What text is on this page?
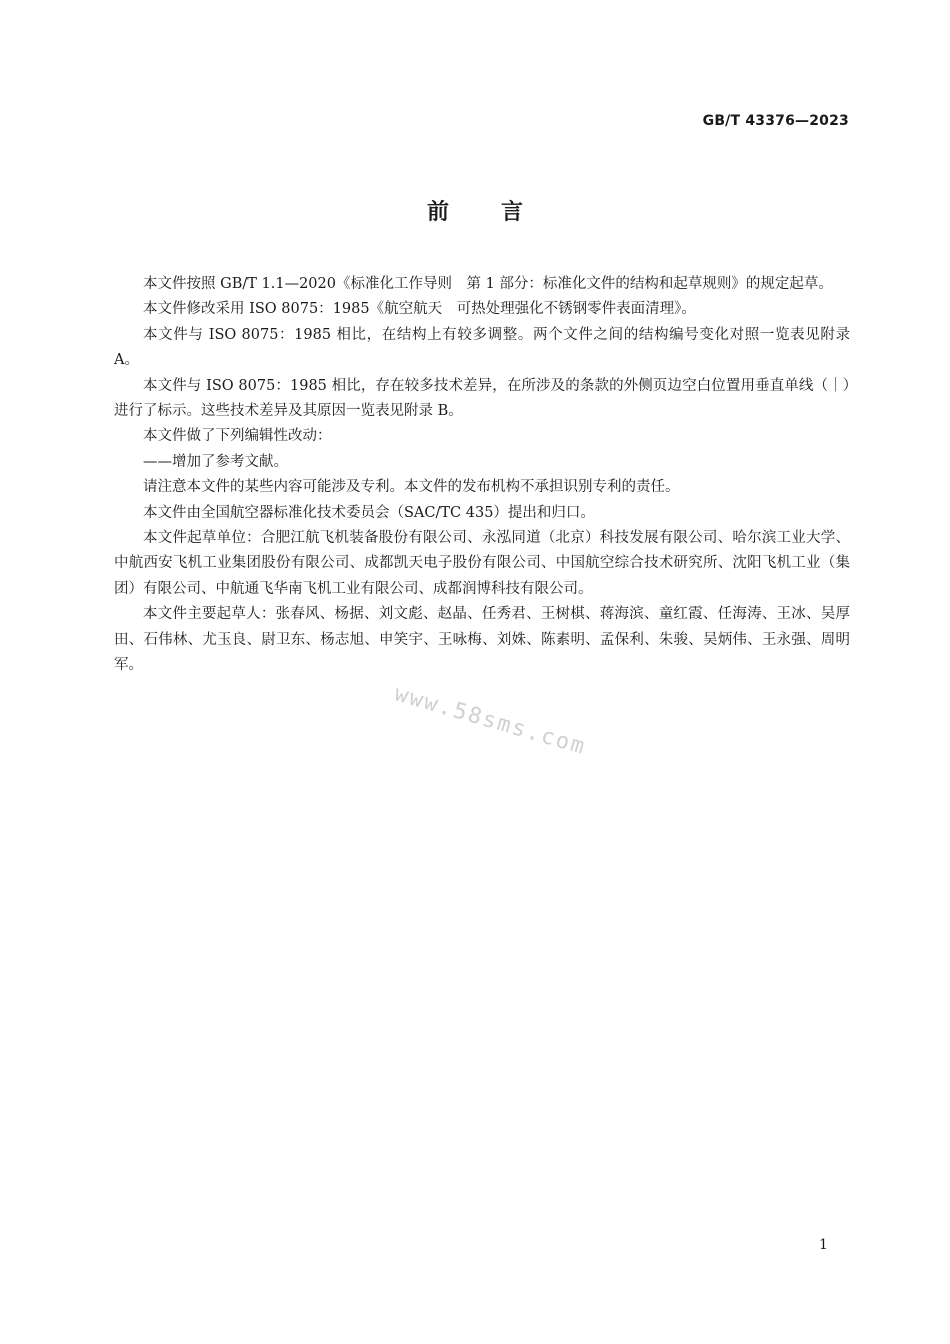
GB/T 43376—2023
前言

本文件按照 GB/T 1.1—2020《标准化工作导则　第 1 部分：标准化文件的结构和起草规则》的规定起草。

本文件修改采用 ISO 8075：1985《航空航天　可热处理强化不锈钢零件表面清理》。

本文件与 ISO 8075：1985 相比，在结构上有较多调整。两个文件之间的结构编号变化对照一览表见附录 A。

本文件与 ISO 8075：1985 相比，存在较多技术差异，在所涉及的条款的外侧页边空白位置用垂直单线（｜）进行了标示。这些技术差异及其原因一览表见附录 B。

本文件做了下列编辑性改动：

——增加了参考文献。

请注意本文件的某些内容可能涉及专利。本文件的发布机构不承担识别专利的责任。

本文件由全国航空器标准化技术委员会（SAC/TC 435）提出和归口。

本文件起草单位：合肥江航飞机装备股份有限公司、永泓同道（北京）科技发展有限公司、哈尔滨工业大学、中航西安飞机工业集团股份有限公司、成都凯天电子股份有限公司、中国航空综合技术研究所、沈阳飞机工业（集团）有限公司、中航通飞华南飞机工业有限公司、成都润博科技有限公司。

本文件主要起草人：张春风、杨据、刘文彪、赵晶、任秀君、王树棋、蒋海滨、童红霞、任海涛、王冰、吴厚田、石伟林、尤玉良、尉卫东、杨志旭、申笑宇、王咏梅、刘姝、陈素明、孟保利、朱骏、吴炳伟、王永强、周明军。

www.58sms.com
1
